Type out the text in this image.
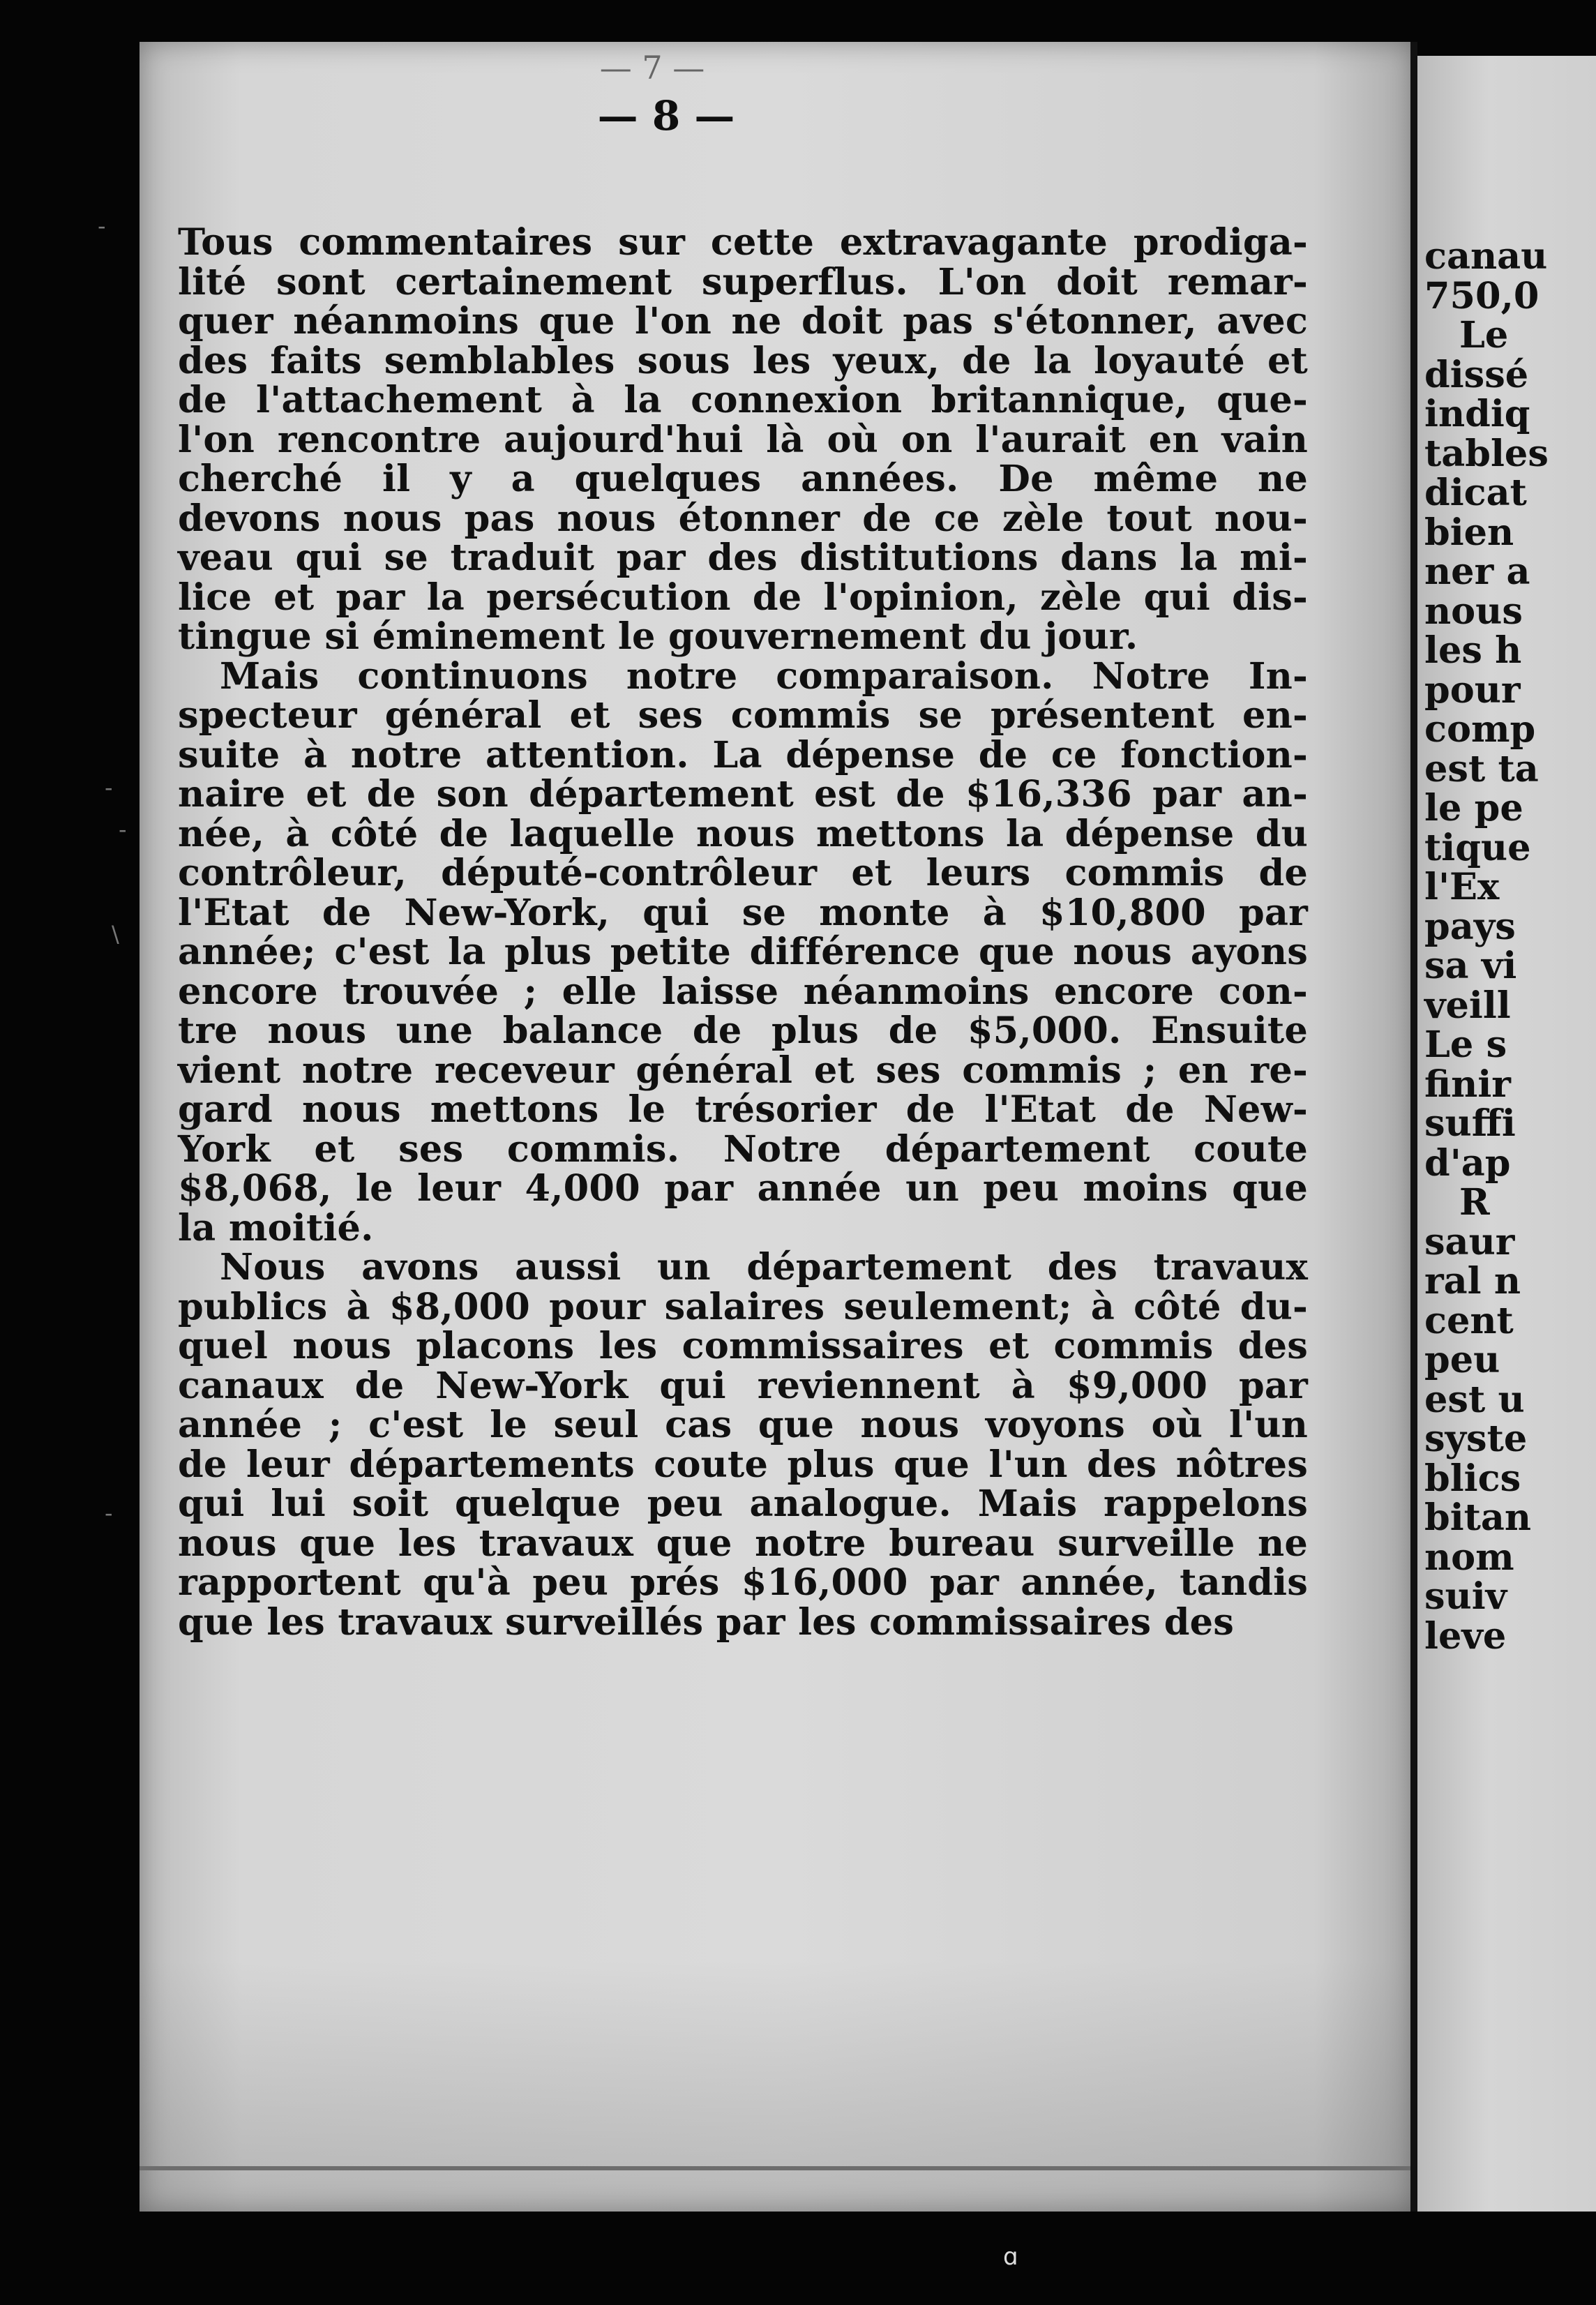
— 7 —
— 8 —
Tous commentaires sur cette extravagante prodiga-
lité sont certainement superflus. L'on doit remar-
quer néanmoins que l'on ne doit pas s'étonner, avec
des faits semblables sous les yeux, de la loyauté et
de l'attachement à la connexion britannique, que-
l'on rencontre aujourd'hui là où on l'aurait en vain
cherché il y a quelques années. De même ne
devons nous pas nous étonner de ce zèle tout nou-
veau qui se traduit par des distitutions dans la mi-
lice et par la persécution de l'opinion, zèle qui dis-
tingue si éminement le gouvernement du jour.
Mais continuons notre comparaison. Notre In-
specteur général et ses commis se présentent en-
suite à notre attention. La dépense de ce fonction-
naire et de son département est de $16,336 par an-
née, à côté de laquelle nous mettons la dépense du
contrôleur, député-contrôleur et leurs commis de
l'Etat de New-York, qui se monte à $10,800 par
année; c'est la plus petite différence que nous ayons
encore trouvée ; elle laisse néanmoins encore con-
tre nous une balance de plus de $5,000. Ensuite
vient notre receveur général et ses commis ; en re-
gard nous mettons le trésorier de l'Etat de New-
York et ses commis. Notre département coute
$8,068, le leur 4,000 par année un peu moins que
la moitié.
Nous avons aussi un département des travaux
publics à $8,000 pour salaires seulement; à côté du-
quel nous placons les commissaires et commis des
canaux de New-York qui reviennent à $9,000 par
année ; c'est le seul cas que nous voyons où l'un
de leur départements coute plus que l'un des nôtres
qui lui soit quelque peu analogue. Mais rappelons
nous que les travaux que notre bureau surveille ne
rapportent qu'à peu prés $16,000 par année, tandis
que les travaux surveillés par les commissaires des
canau
750,0
Le
dissé
indiq
tables
dicat
bien
ner a
nous
les h
pour
comp
est ta
le pe
tique
l'Ex
pays
sa vi
veill
Le s
finir
suffi
d'ap
R
saur
ral n
cent
peu
est u
syste
blics
bitan
nom
suiv
leve
-
-
-
\
-
ɑ
